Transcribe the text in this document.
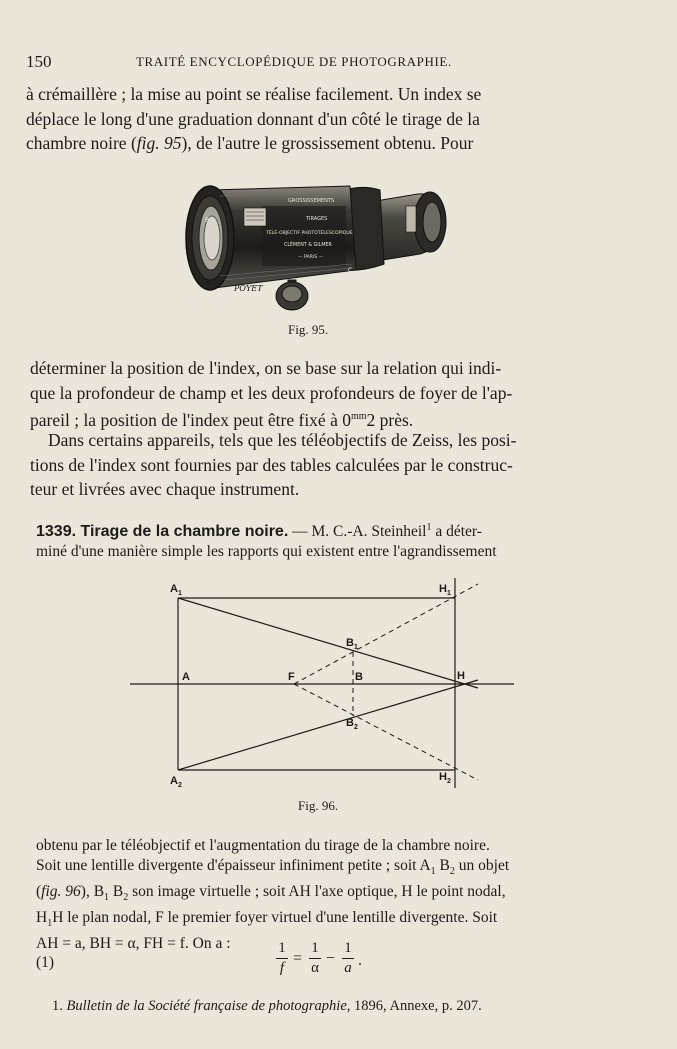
150	TRAITÉ ENCYCLOPÉDIQUE DE PHOTOGRAPHIE.
à crémaillère ; la mise au point se réalise facilement. Un index se
déplace le long d'une graduation donnant d'un côté le tirage de la
chambre noire (fig. 95), de l'autre le grossissement obtenu. Pour
GROSSISSEMENTS
TIRAGES
TÉLÉ-OBJECTIF PHOTOTÉLESCOPIQUE
CLÉMENT & GILMER
— PARIS —
B
A
C
POYET
Fig. 95.
déterminer la position de l'index, on se base sur la relation qui indi-
que la profondeur de champ et les deux profondeurs de foyer de l'ap-
pareil ; la position de l'index peut être fixé à $0^{mm}2$ près.
Dans certains appareils, tels que les téléobjectifs de Zeiss, les posi-
tions de l'index sont fournies par des tables calculées par le construc-
teur et livrées avec chaque instrument.
1339. Tirage de la chambre noire. — M. C.-A. Steinheil$^1$ a déter-
miné d'une manière simple les rapports qui existent entre l'agrandissement
A 1
A 2
A	F	B
B 1
B 2
H
H 1
H 2
Fig. 96.
obtenu par le téléobjectif et l'augmentation du tirage de la chambre noire.
Soit une lentille divergente d'épaisseur infiniment petite ; soit $A_1$ $B_2$ un objet
(fig. 96), $B_1$ $B_2$ son image virtuelle ; soit AH l'axe optique, H le point nodal,
$H_1H$ le plan nodal, F le premier foyer virtuel d'une lentille divergente. Soit
AH = a, BH = α, FH = f. On a :
(1)
1
f
=
1
α
−
1
a .
1. Bulletin de la Société française de photographie, 1896, Annexe, p. 207.
